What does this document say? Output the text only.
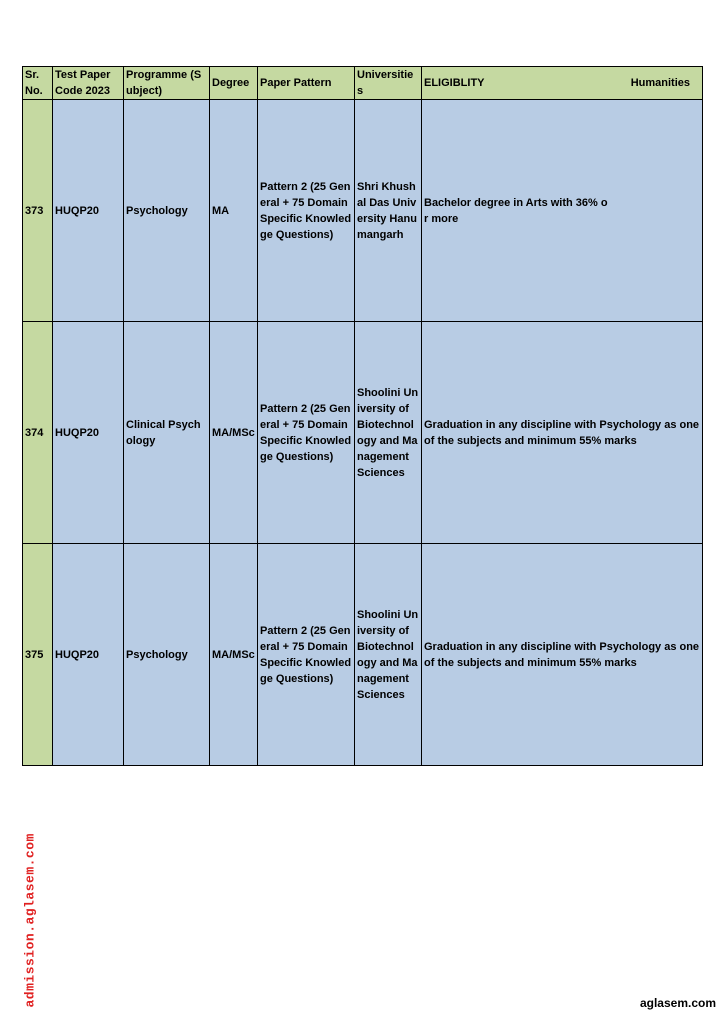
Sr. No.	Test Paper Code 2023	Programme (Subject)	Degree	Paper Pattern	Universities	ELIGIBLITY Humanities

373	HUQP20	Psychology	MA	Pattern 2 (25 General + 75 Domain Specific Knowledge Questions)	Shri Khushal Das University Hanumangarh	Bachelor degree in Arts with 36% or more

374	HUQP20	Clinical Psychology	MA/MSc	Pattern 2 (25 General + 75 Domain Specific Knowledge Questions)	Shoolini University of Biotechnology and Management Sciences	Graduation in any discipline with Psychology as one of the subjects and minimum 55% marks
375	HUQP20	Psychology	MA/MSc	Pattern 2 (25 General + 75 Domain Specific Knowledge Questions)	Shoolini University of Biotechnology and Management Sciences	Graduation in any discipline with Psychology as one of the subjects and minimum 55% marks
admission.aglasem.com	aglasem.com
